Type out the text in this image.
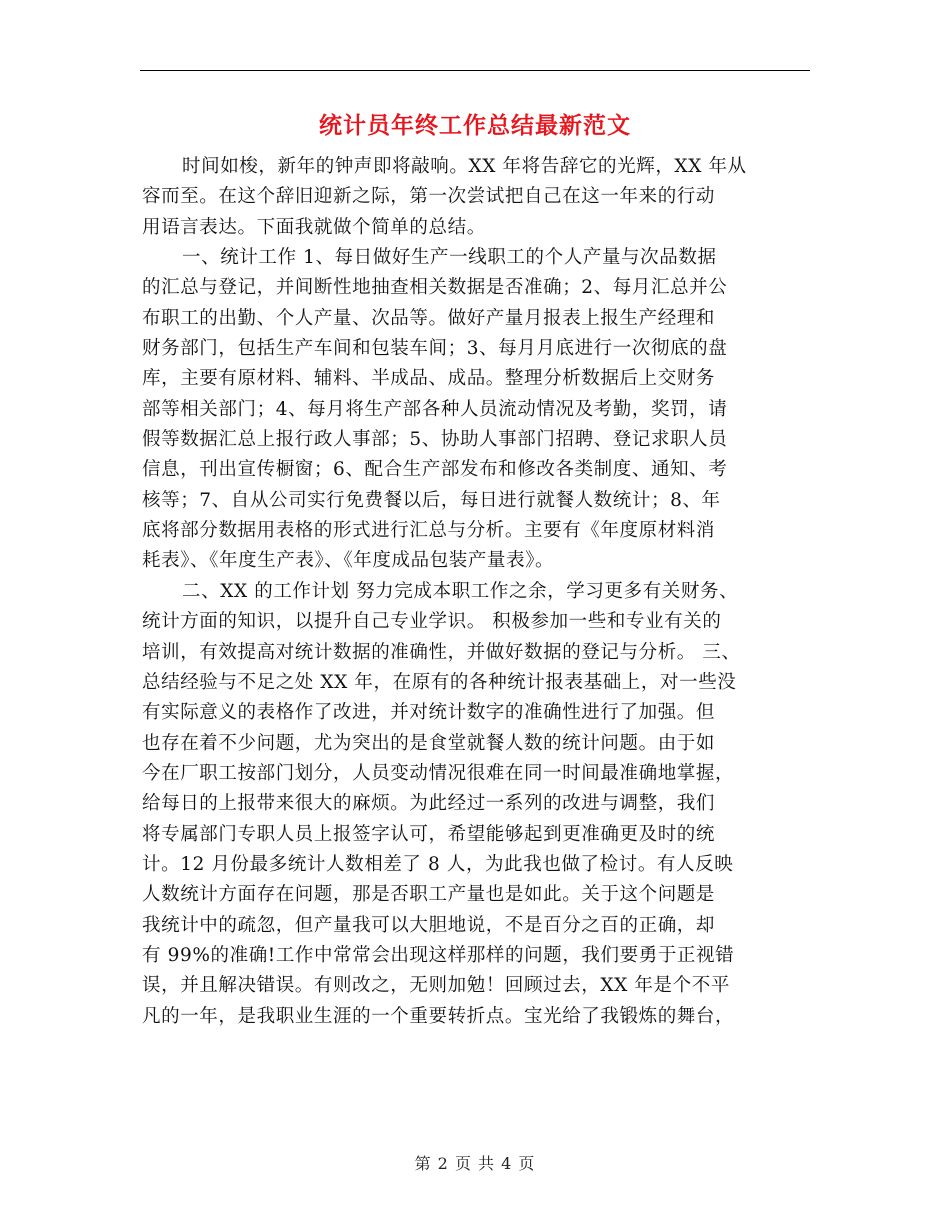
统计员年终工作总结最新范文
时间如梭，新年的钟声即将敲响。XX 年将告辞它的光辉，XX 年从
容而至。在这个辞旧迎新之际，第一次尝试把自己在这一年来的行动
用语言表达。下面我就做个简单的总结。
一、统计工作 1、每日做好生产一线职工的个人产量与次品数据
的汇总与登记，并间断性地抽查相关数据是否准确；2、每月汇总并公
布职工的出勤、个人产量、次品等。做好产量月报表上报生产经理和
财务部门，包括生产车间和包装车间；3、每月月底进行一次彻底的盘
库，主要有原材料、辅料、半成品、成品。整理分析数据后上交财务
部等相关部门；4、每月将生产部各种人员流动情况及考勤，奖罚，请
假等数据汇总上报行政人事部；5、协助人事部门招聘、登记求职人员
信息，刊出宣传橱窗；6、配合生产部发布和修改各类制度、通知、考
核等；7、自从公司实行免费餐以后，每日进行就餐人数统计；8、年
底将部分数据用表格的形式进行汇总与分析。主要有《年度原材料消
耗表》、《年度生产表》、《年度成品包装产量表》。
二、XX 的工作计划 努力完成本职工作之余，学习更多有关财务、
统计方面的知识，以提升自己专业学识。 积极参加一些和专业有关的
培训，有效提高对统计数据的准确性，并做好数据的登记与分析。 三、
总结经验与不足之处 XX 年，在原有的各种统计报表基础上，对一些没
有实际意义的表格作了改进，并对统计数字的准确性进行了加强。但
也存在着不少问题，尤为突出的是食堂就餐人数的统计问题。由于如
今在厂职工按部门划分，人员变动情况很难在同一时间最准确地掌握，
给每日的上报带来很大的麻烦。为此经过一系列的改进与调整，我们
将专属部门专职人员上报签字认可，希望能够起到更准确更及时的统
计。12 月份最多统计人数相差了 8 人，为此我也做了检讨。有人反映
人数统计方面存在问题，那是否职工产量也是如此。关于这个问题是
我统计中的疏忽，但产量我可以大胆地说，不是百分之百的正确，却
有 99%的准确!工作中常常会出现这样那样的问题，我们要勇于正视错
误，并且解决错误。有则改之，无则加勉！回顾过去，XX 年是个不平
凡的一年，是我职业生涯的一个重要转折点。宝光给了我锻炼的舞台，
第 2 页 共 4 页
